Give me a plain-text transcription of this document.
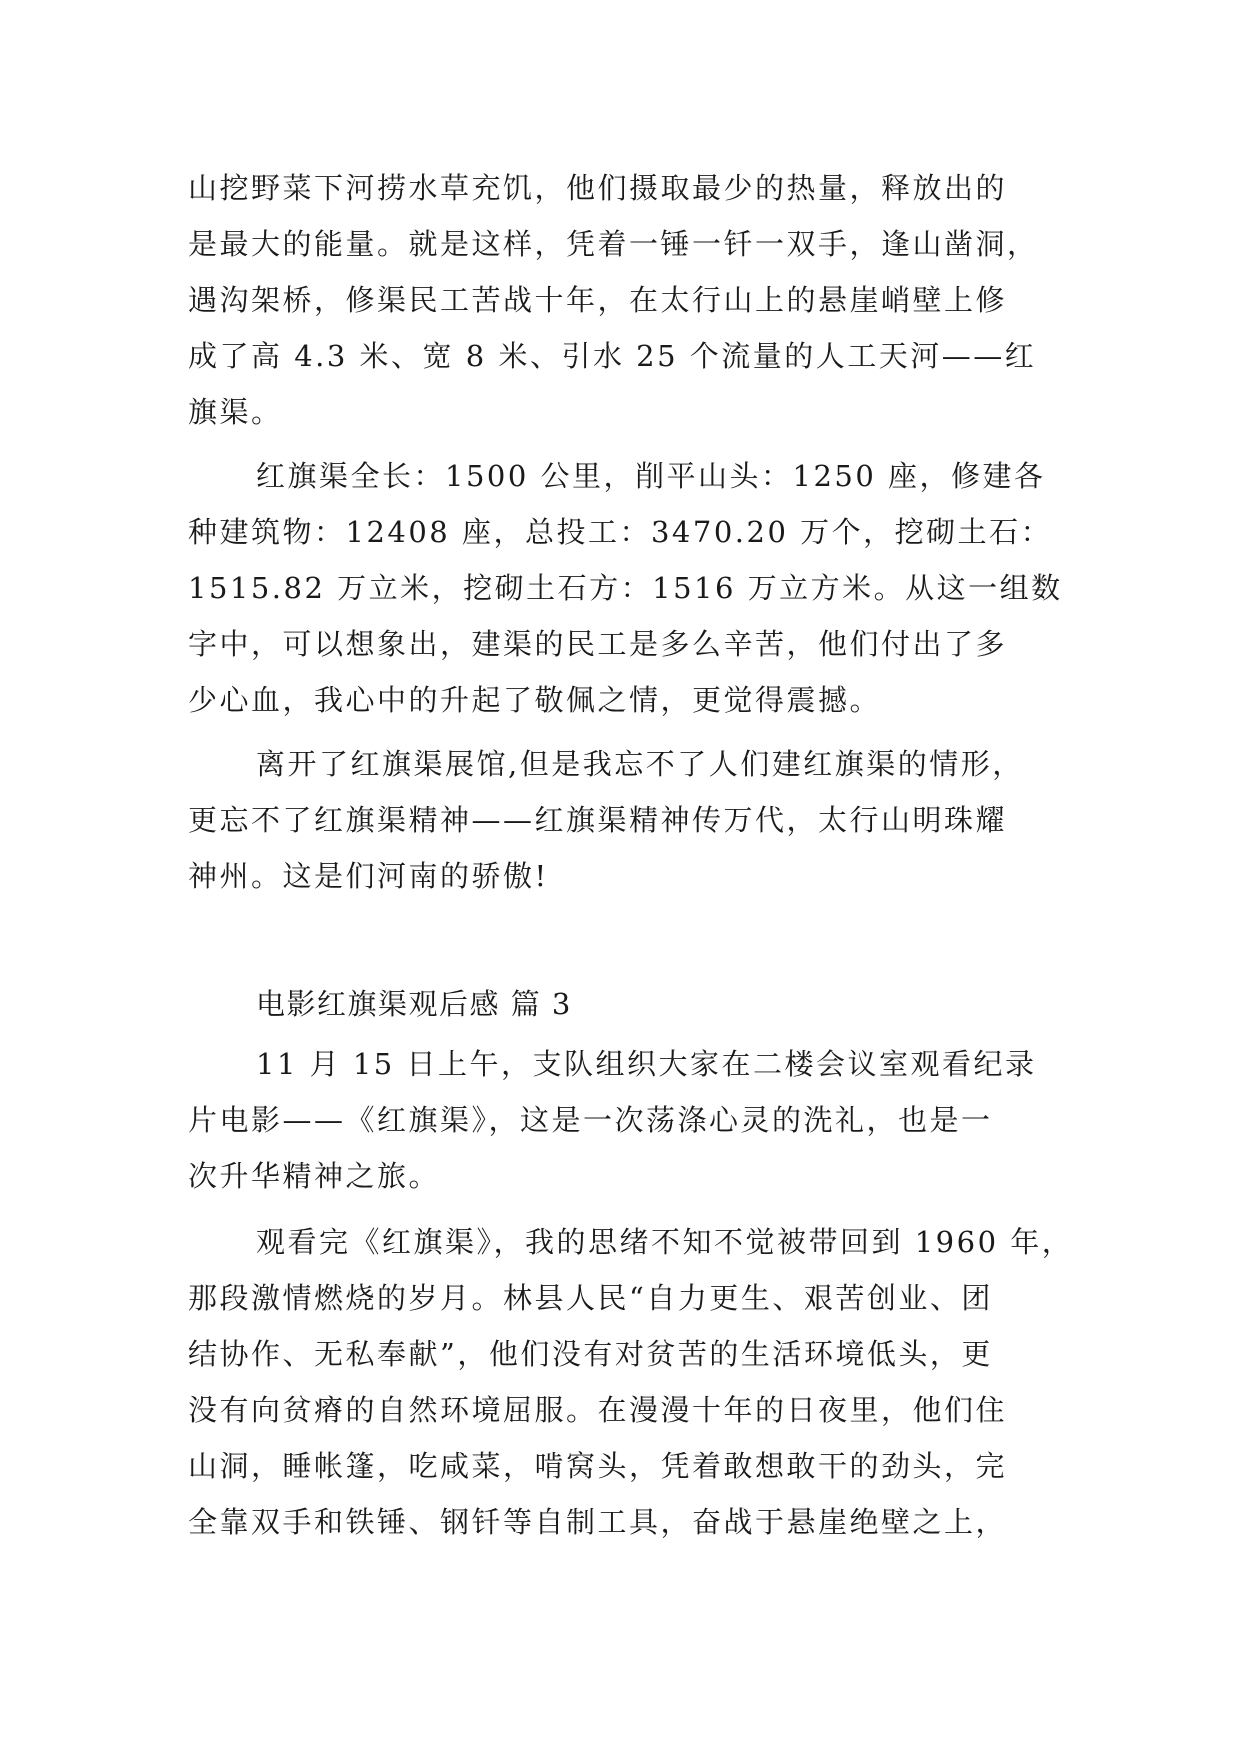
山挖野菜下河捞水草充饥，他们摄取最少的热量，释放出的
是最大的能量。就是这样，凭着一锤一钎一双手，逢山凿洞，
遇沟架桥，修渠民工苦战十年，在太行山上的悬崖峭壁上修
成了高 4.3 米、宽 8 米、引水 25 个流量的人工天河——红
旗渠。
红旗渠全长：1500 公里，削平山头：1250 座，修建各
种建筑物：12408 座，总投工：3470.20 万个，挖砌土石：
1515.82 万立米，挖砌土石方：1516 万立方米。从这一组数
字中，可以想象出，建渠的民工是多么辛苦，他们付出了多
少心血，我心中的升起了敬佩之情，更觉得震撼。
离开了红旗渠展馆,但是我忘不了人们建红旗渠的情形，
更忘不了红旗渠精神——红旗渠精神传万代，太行山明珠耀
神州。这是们河南的骄傲!
电影红旗渠观后感 篇 3
11 月 15 日上午，支队组织大家在二楼会议室观看纪录
片电影——《红旗渠》，这是一次荡涤心灵的洗礼，也是一
次升华精神之旅。
观看完《红旗渠》，我的思绪不知不觉被带回到 1960 年，
那段激情燃烧的岁月。林县人民“自力更生、艰苦创业、团
结协作、无私奉献”，他们没有对贫苦的生活环境低头，更
没有向贫瘠的自然环境屈服。在漫漫十年的日夜里，他们住
山洞，睡帐篷，吃咸菜，啃窝头，凭着敢想敢干的劲头，完
全靠双手和铁锤、钢钎等自制工具，奋战于悬崖绝壁之上，
